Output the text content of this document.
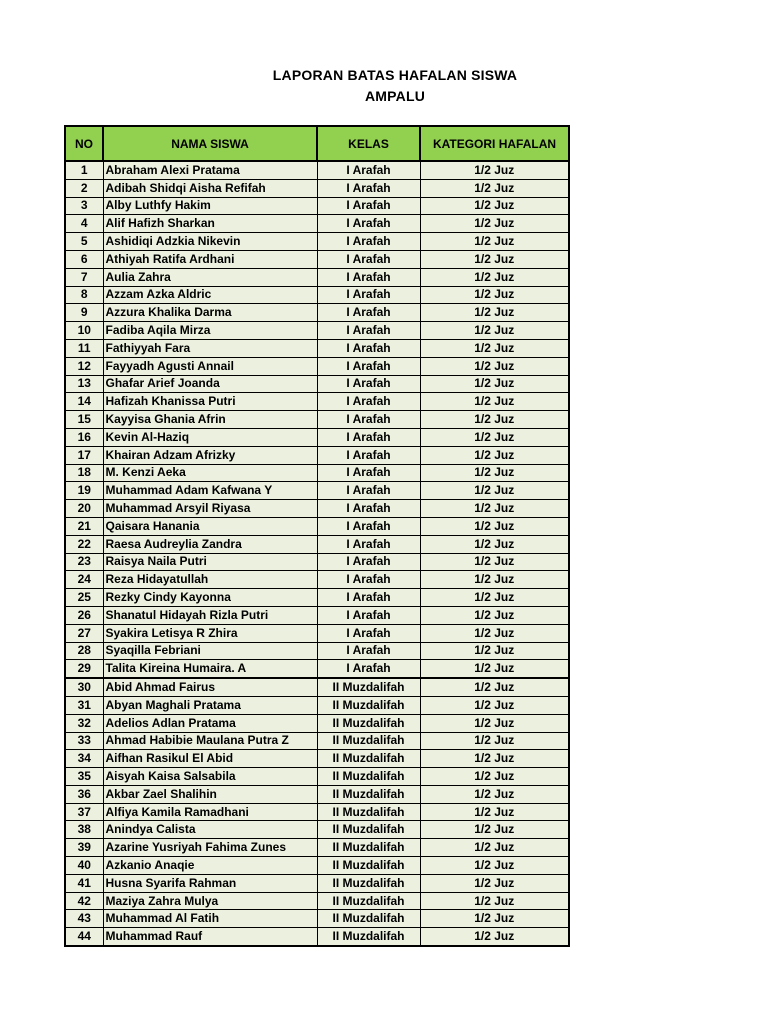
LAPORAN BATAS HAFALAN SISWA
AMPALU
NO	NAMA SISWA	KELAS	KATEGORI HAFALAN
1	Abraham Alexi Pratama	I Arafah	1/2 Juz
2	Adibah Shidqi Aisha Refifah	I Arafah	1/2 Juz
3	Alby Luthfy Hakim	I Arafah	1/2 Juz
4	Alif Hafizh Sharkan	I Arafah	1/2 Juz
5	Ashidiqi Adzkia Nikevin	I Arafah	1/2 Juz
6	Athiyah Ratifa Ardhani	I Arafah	1/2 Juz
7	Aulia Zahra	I Arafah	1/2 Juz
8	Azzam Azka Aldric	I Arafah	1/2 Juz
9	Azzura Khalika Darma	I Arafah	1/2 Juz
10	Fadiba Aqila Mirza	I Arafah	1/2 Juz
11	Fathiyyah Fara	I Arafah	1/2 Juz
12	Fayyadh Agusti Annail	I Arafah	1/2 Juz
13	Ghafar Arief Joanda	I Arafah	1/2 Juz
14	Hafizah Khanissa Putri	I Arafah	1/2 Juz
15	Kayyisa Ghania Afrin	I Arafah	1/2 Juz
16	Kevin Al-Haziq	I Arafah	1/2 Juz
17	Khairan Adzam Afrizky	I Arafah	1/2 Juz
18	M. Kenzi Aeka	I Arafah	1/2 Juz
19	Muhammad Adam Kafwana Y	I Arafah	1/2 Juz
20	Muhammad Arsyil Riyasa	I Arafah	1/2 Juz
21	Qaisara Hanania	I Arafah	1/2 Juz
22	Raesa Audreylia Zandra	I Arafah	1/2 Juz
23	Raisya Naila Putri	I Arafah	1/2 Juz
24	Reza Hidayatullah	I Arafah	1/2 Juz
25	Rezky Cindy Kayonna	I Arafah	1/2 Juz
26	Shanatul Hidayah Rizla Putri	I Arafah	1/2 Juz
27	Syakira Letisya R Zhira	I Arafah	1/2 Juz
28	Syaqilla Febriani	I Arafah	1/2 Juz
29	Talita Kireina Humaira. A	I Arafah	1/2 Juz
30	Abid Ahmad Fairus	II Muzdalifah	1/2 Juz
31	Abyan Maghali Pratama	II Muzdalifah	1/2 Juz
32	Adelios Adlan Pratama	II Muzdalifah	1/2 Juz
33	Ahmad Habibie Maulana Putra Z	II Muzdalifah	1/2 Juz
34	Aifhan Rasikul El Abid	II Muzdalifah	1/2 Juz
35	Aisyah Kaisa Salsabila	II Muzdalifah	1/2 Juz
36	Akbar Zael Shalihin	II Muzdalifah	1/2 Juz
37	Alfiya Kamila Ramadhani	II Muzdalifah	1/2 Juz
38	Anindya Calista	II Muzdalifah	1/2 Juz
39	Azarine Yusriyah Fahima Zunes	II Muzdalifah	1/2 Juz
40	Azkanio Anaqie	II Muzdalifah	1/2 Juz
41	Husna Syarifa Rahman	II Muzdalifah	1/2 Juz
42	Maziya Zahra Mulya	II Muzdalifah	1/2 Juz
43	Muhammad Al Fatih	II Muzdalifah	1/2 Juz
44	Muhammad Rauf	II Muzdalifah	1/2 Juz
